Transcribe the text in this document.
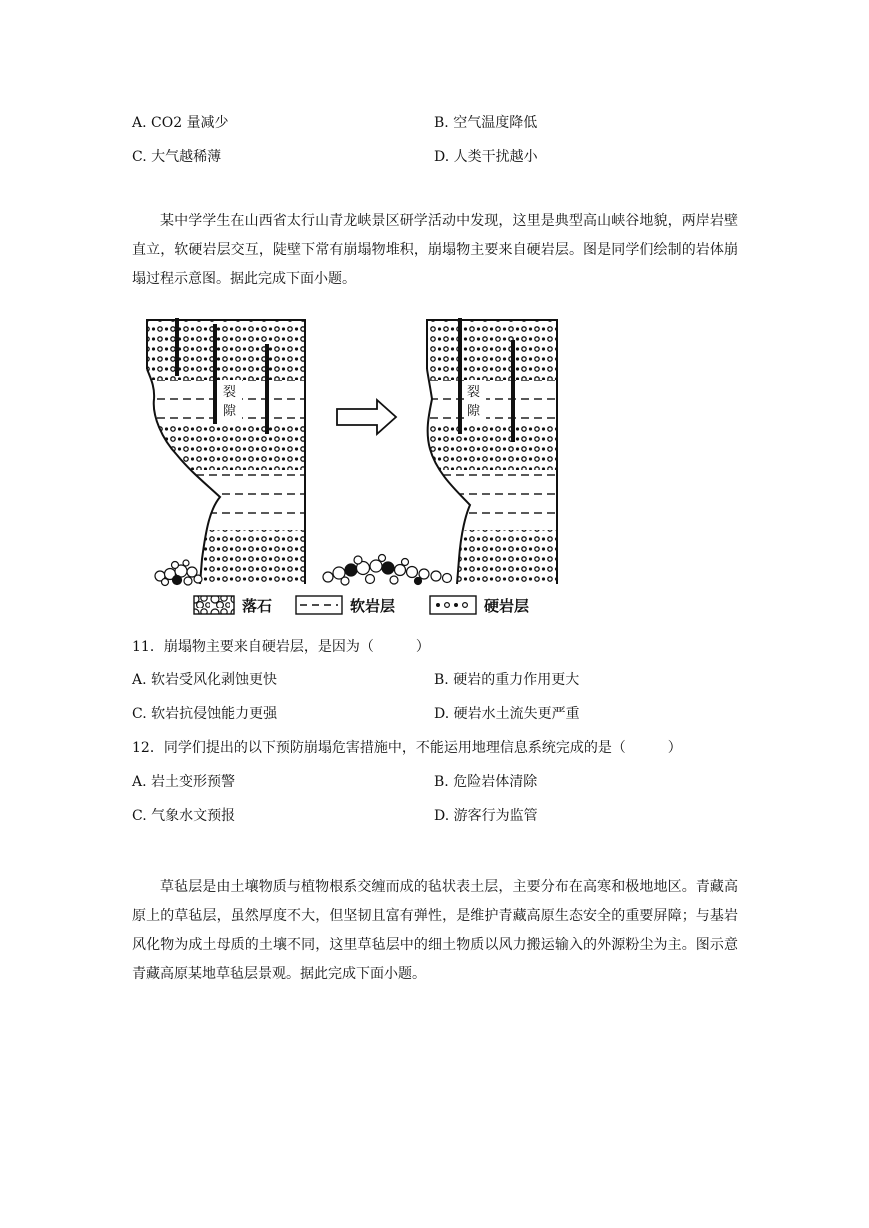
A. CO2 量减少	B. 空气温度降低
C. 大气越稀薄	D. 人类干扰越小
某中学学生在山西省太行山青龙峡景区研学活动中发现，这里是典型高山峡谷地貌，两岸岩壁直立，软硬岩层交互，陡壁下常有崩塌物堆积，崩塌物主要来自硬岩层。图是同学们绘制的岩体崩塌过程示意图。据此完成下面小题。
裂
隙
裂
隙
落石	软岩层	硬岩层
11．崩塌物主要来自硬岩层，是因为（　　　）
A. 软岩受风化剥蚀更快	B. 硬岩的重力作用更大
C. 软岩抗侵蚀能力更强	D. 硬岩水土流失更严重
12．同学们提出的以下预防崩塌危害措施中，不能运用地理信息系统完成的是（　　　）
A. 岩土变形预警	B. 危险岩体清除
C. 气象水文预报	D. 游客行为监管
草毡层是由土壤物质与植物根系交缠而成的毡状表土层，主要分布在高寒和极地地区。青藏高原上的草毡层，虽然厚度不大，但坚韧且富有弹性，是维护青藏高原生态安全的重要屏障；与基岩风化物为成土母质的土壤不同，这里草毡层中的细土物质以风力搬运输入的外源粉尘为主。图示意青藏高原某地草毡层景观。据此完成下面小题。
